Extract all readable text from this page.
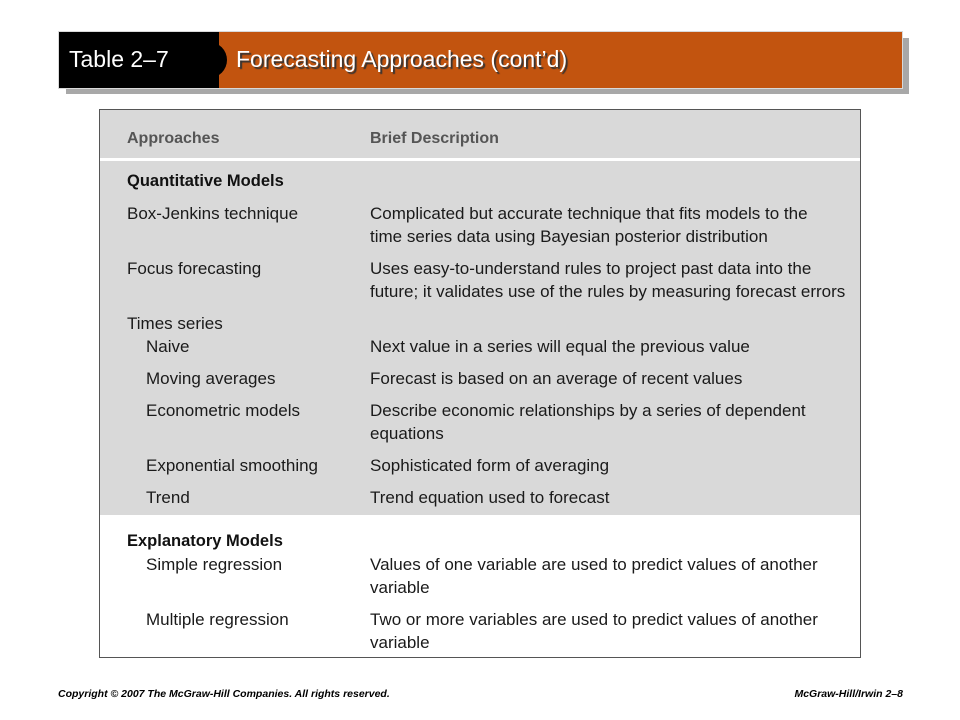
Table 2–7	Forecasting Approaches (cont’d)
Approaches	Brief Description
Quantitative Models
Box-Jenkins technique	Complicated but accurate technique that fits models to the
time series data using Bayesian posterior distribution
Focus forecasting	Uses easy-to-understand rules to project past data into the
future; it validates use of the rules by measuring forecast errors
Times series
Naive	Next value in a series will equal the previous value
Moving averages	Forecast is based on an average of recent values
Econometric models	Describe economic relationships by a series of dependent
equations
Exponential smoothing	Sophisticated form of averaging
Trend	Trend equation used to forecast
Explanatory Models
Simple regression	Values of one variable are used to predict values of another
variable
Multiple regression	Two or more variables are used to predict values of another
variable
Copyright © 2007 The McGraw-Hill Companies. All rights reserved.	McGraw-Hill/Irwin 2–8
